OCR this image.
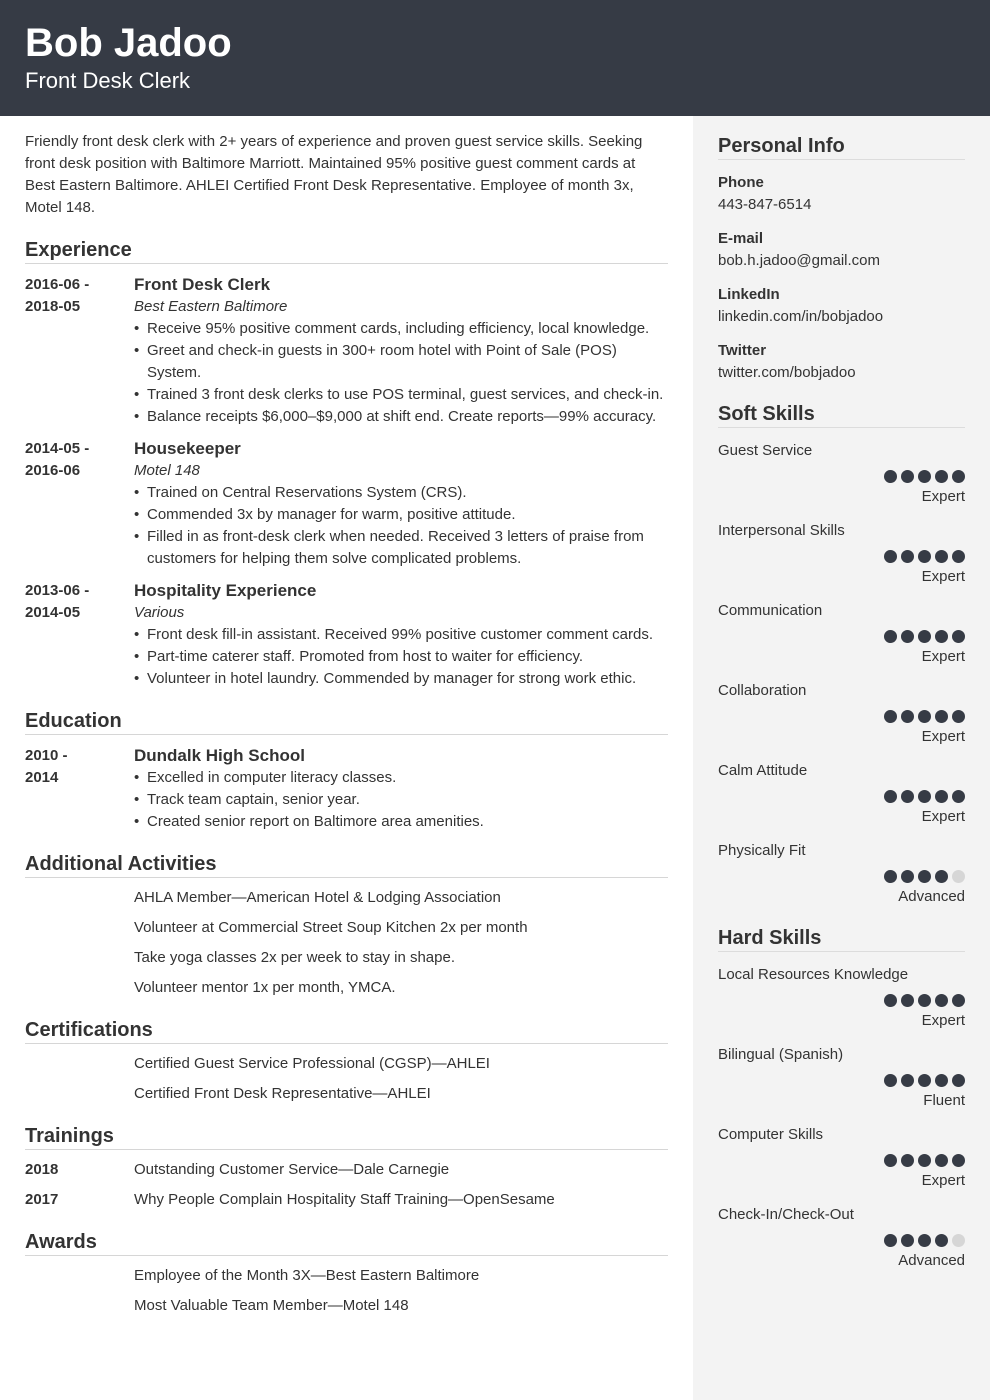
Bob Jadoo
Front Desk Clerk

Friendly front desk clerk with 2+ years of experience and proven guest service skills. Seeking front desk position with Baltimore Marriott. Maintained 95% positive guest comment cards at Best Eastern Baltimore. AHLEI Certified Front Desk Representative. Employee of month 3x, Motel 148.

Experience
2016-06 -
2018-05
Front Desk Clerk
Best Eastern Baltimore
• Receive 95% positive comment cards, including efficiency, local knowledge.
• Greet and check-in guests in 300+ room hotel with Point of Sale (POS) System.
• Trained 3 front desk clerks to use POS terminal, guest services, and check-in.
• Balance receipts $6,000–$9,000 at shift end. Create reports—99% accuracy.
2014-05 -
2016-06
Housekeeper
Motel 148
• Trained on Central Reservations System (CRS).
• Commended 3x by manager for warm, positive attitude.
• Filled in as front-desk clerk when needed. Received 3 letters of praise from customers for helping them solve complicated problems.
2013-06 -
2014-05
Hospitality Experience
Various
• Front desk fill-in assistant. Received 99% positive customer comment cards.
• Part-time caterer staff. Promoted from host to waiter for efficiency.
• Volunteer in hotel laundry. Commended by manager for strong work ethic.
Education
2010 -
2014
Dundalk High School
• Excelled in computer literacy classes.
• Track team captain, senior year.
• Created senior report on Baltimore area amenities.
Additional Activities
AHLA Member—American Hotel & Lodging Association
Volunteer at Commercial Street Soup Kitchen 2x per month
Take yoga classes 2x per week to stay in shape.
Volunteer mentor 1x per month, YMCA.
Certifications
Certified Guest Service Professional (CGSP)—AHLEI
Certified Front Desk Representative—AHLEI
Trainings
2018	Outstanding Customer Service—Dale Carnegie
2017	Why People Complain Hospitality Staff Training—OpenSesame
Awards
Employee of the Month 3X—Best Eastern Baltimore
Most Valuable Team Member—Motel 148
Personal Info
Phone
443-847-6514
E-mail
bob.h.jadoo@gmail.com
LinkedIn
linkedin.com/in/bobjadoo
Twitter
twitter.com/bobjadoo
Soft Skills
Guest Service
Expert
Interpersonal Skills
Expert
Communication
Expert
Collaboration
Expert
Calm Attitude
Expert
Physically Fit
Advanced
Hard Skills
Local Resources Knowledge
Expert
Bilingual (Spanish)
Fluent
Computer Skills
Expert
Check-In/Check-Out
Advanced
